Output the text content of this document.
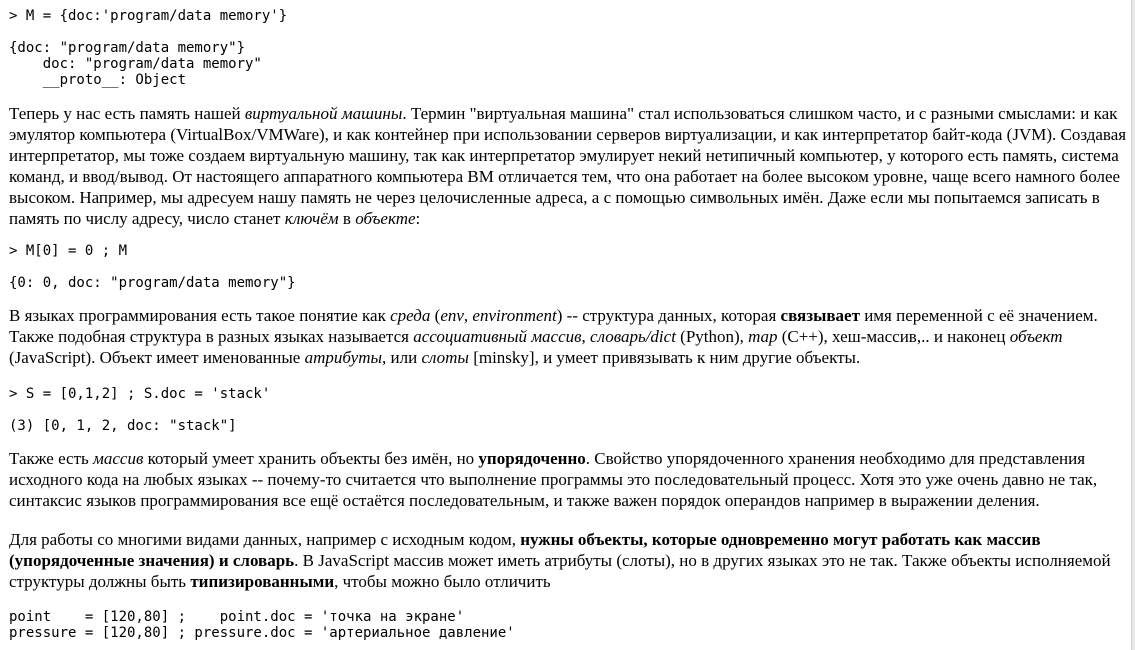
> M = {doc:'program/data memory'}
{doc: "program/data memory"}
doc: "program/data memory"
__proto__: Object

Теперь у нас есть память нашей виртуальной машины. Термин "виртуальная машина" стал использоваться слишком часто, и с разными смыслами: и как эмулятор компьютера (VirtualBox/VMWare), и как контейнер при использовании серверов виртуализации, и как интерпретатор байт-кода (JVM). Создавая интерпретатор, мы тоже создаем виртуальную машину, так как интерпретатор эмулирует некий нетипичный компьютер, у которого есть память, система команд, и ввод/вывод. От настоящего аппаратного компьютера ВМ отличается тем, что она работает на более высоком уровне, чаще всего намного более высоком. Например, мы адресуем нашу память не через целочисленные адреса, а с помощью символьных имён. Даже если мы попытаемся записать в память по числу адресу, число станет ключём в объекте:

> M[0] = 0 ; M
{0: 0, doc: "program/data memory"}

В языках программирования есть такое понятие как среда (env, environment) -- структура данных, которая связывает имя переменной с её значением. Также подобная структура в разных языках называется ассоциативный массив, словарь/dict (Python), map (C++), хеш-массив,.. и наконец объект (JavaScript). Объект имеет именованные атрибуты, или слоты [minsky], и умеет привязывать к ним другие объекты.

> S = [0,1,2] ; S.doc = 'stack'
(3) [0, 1, 2, doc: "stack"]

Также есть массив который умеет хранить объекты без имён, но упорядоченно. Свойство упорядоченного хранения необходимо для представления исходного кода на любых языках -- почему-то считается что выполнение программы это последовательный процесс. Хотя это уже очень давно не так, синтаксис языков программирования все ещё остаётся последовательным, и также важен порядок операндов например в выражении деления.

Для работы со многими видами данных, например с исходным кодом, нужны объекты, которые одновременно могут работать как массив (упорядоченные значения) и словарь. В JavaScript массив может иметь атрибуты (слоты), но в других языках это не так. Также объекты исполняемой структуры должны быть типизированными, чтобы можно было отличить

point    = [120,80] ;    point.doc = 'точка на экране'
pressure = [120,80] ; pressure.doc = 'артериальное давление'
